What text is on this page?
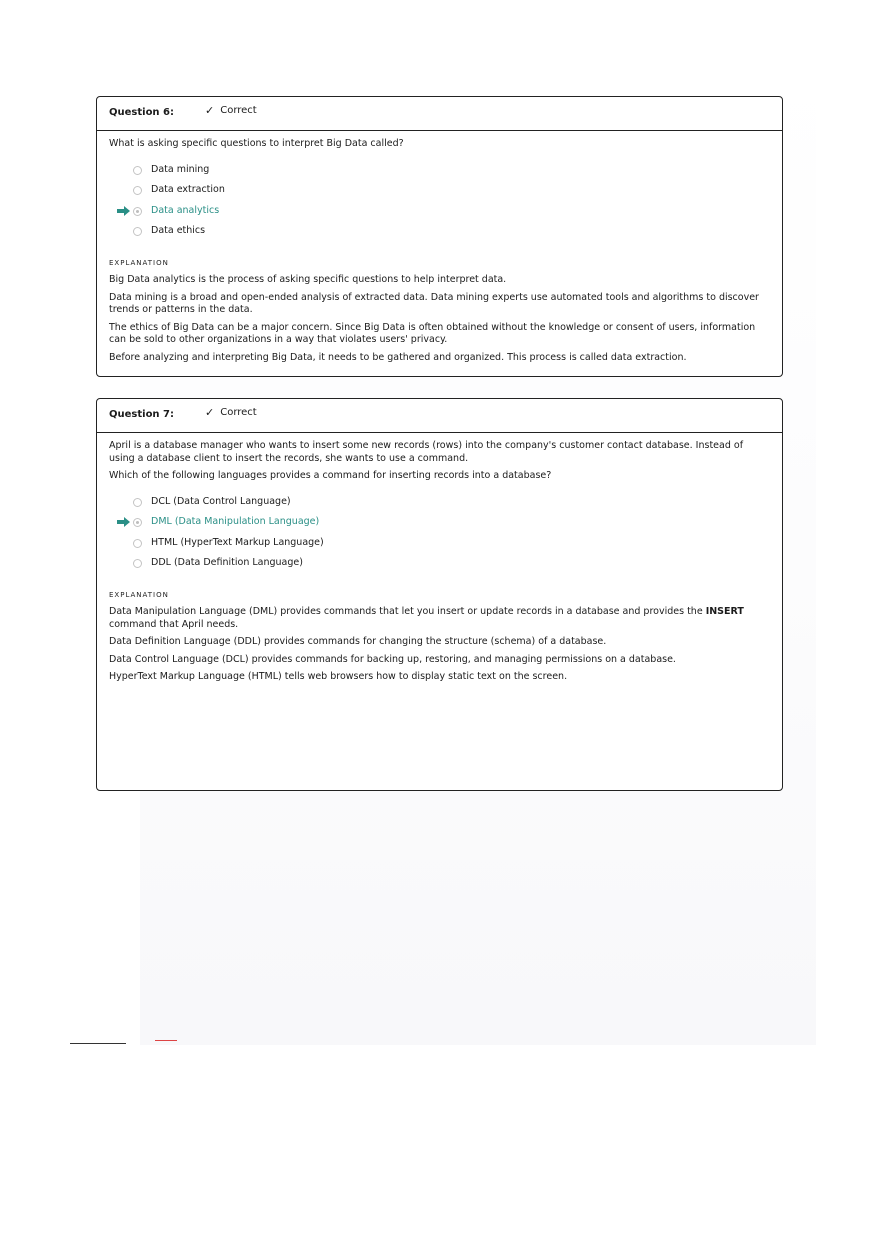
Question 6:	✓ Correct

What is asking specific questions to interpret Big Data called?

Data mining
Data extraction
Data analytics
Data ethics
EXPLANATION

Big Data analytics is the process of asking specific questions to help interpret data.

Data mining is a broad and open-ended analysis of extracted data. Data mining experts use automated tools and algorithms to discover trends or patterns in the data.

The ethics of Big Data can be a major concern. Since Big Data is often obtained without the knowledge or consent of users, information can be sold to other organizations in a way that violates users' privacy.

Before analyzing and interpreting Big Data, it needs to be gathered and organized. This process is called data extraction.

Question 7:	✓ Correct

April is a database manager who wants to insert some new records (rows) into the company's customer contact database. Instead of using a database client to insert the records, she wants to use a command.

Which of the following languages provides a command for inserting records into a database?

DCL (Data Control Language)
DML (Data Manipulation Language)
HTML (HyperText Markup Language)
DDL (Data Definition Language)
EXPLANATION

Data Manipulation Language (DML) provides commands that let you insert or update records in a database and provides the INSERT command that April needs.

Data Definition Language (DDL) provides commands for changing the structure (schema) of a database.

Data Control Language (DCL) provides commands for backing up, restoring, and managing permissions on a database.

HyperText Markup Language (HTML) tells web browsers how to display static text on the screen.
